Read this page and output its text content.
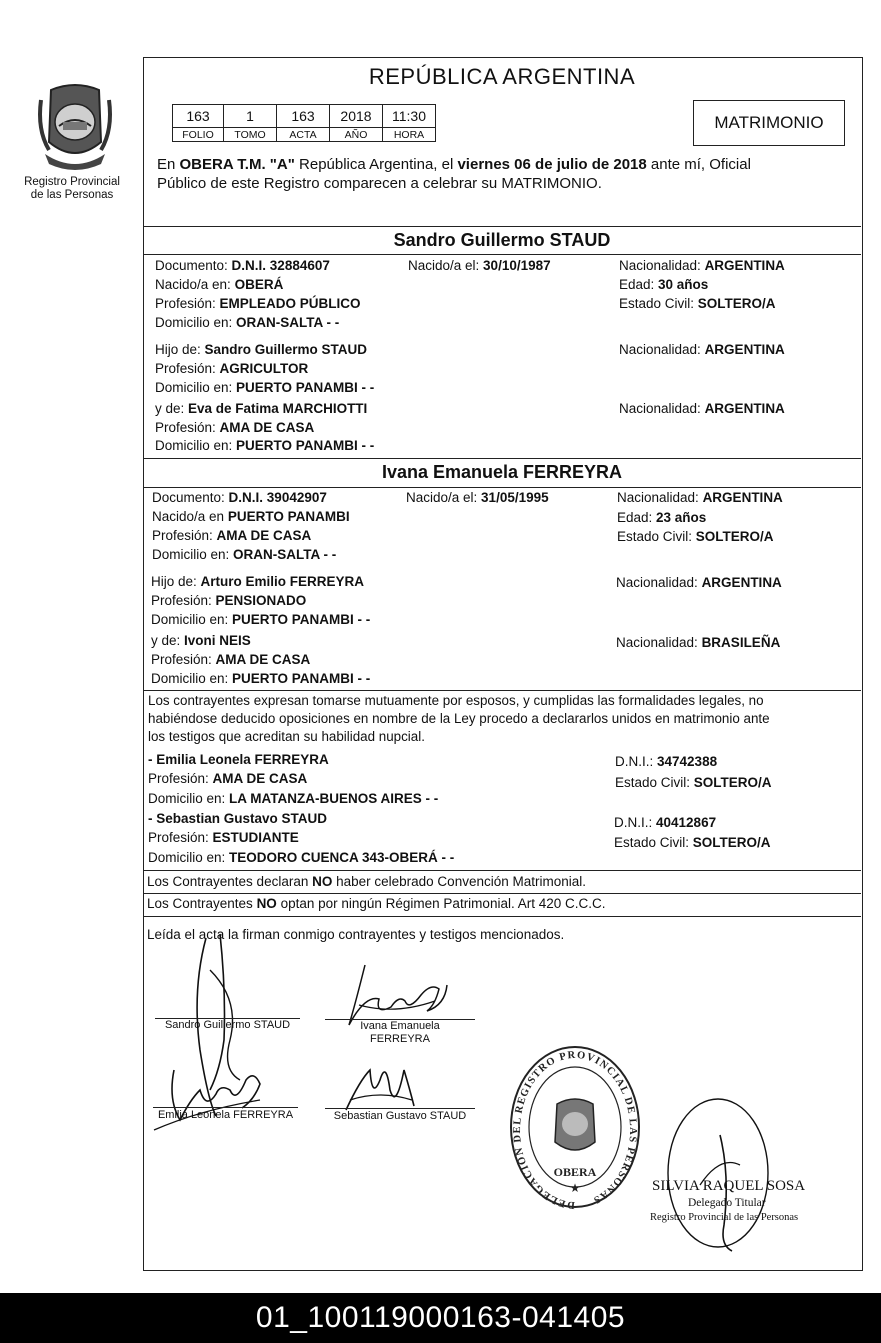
Registro Provincial
de las Personas
REPÚBLICA ARGENTINA
163	1	163	2018	11:30
FOLIO	TOMO	ACTA	AÑO	HORA
MATRIMONIO
En OBERA T.M. "A" República Argentina, el viernes 06 de julio de 2018 ante mí, Oficial
Público de este Registro comparecen a celebrar su MATRIMONIO.
Sandro Guillermo STAUD
Documento: D.N.I. 32884607	Nacido/a el: 30/10/1987	Nacionalidad: ARGENTINA
Nacido/a en: OBERÁ	Edad: 30 años
Profesión: EMPLEADO PÚBLICO	Estado Civil: SOLTERO/A
Domicilio en: ORAN-SALTA - -
Hijo de: Sandro Guillermo STAUD	Nacionalidad: ARGENTINA
Profesión: AGRICULTOR
Domicilio en: PUERTO PANAMBI - -
y de: Eva de Fatima MARCHIOTTI	Nacionalidad: ARGENTINA
Profesión: AMA DE CASA
Domicilio en: PUERTO PANAMBI - -
Ivana Emanuela FERREYRA
Documento: D.N.I. 39042907	Nacido/a el: 31/05/1995	Nacionalidad: ARGENTINA
Nacido/a en PUERTO PANAMBI	Edad: 23 años
Profesión: AMA DE CASA	Estado Civil: SOLTERO/A
Domicilio en: ORAN-SALTA - -
Hijo de: Arturo Emilio FERREYRA	Nacionalidad: ARGENTINA
Profesión: PENSIONADO
Domicilio en: PUERTO PANAMBI - -
y de: Ivoni NEIS	Nacionalidad: BRASILEÑA
Profesión: AMA DE CASA
Domicilio en: PUERTO PANAMBI - -
Los contrayentes expresan tomarse mutuamente por esposos, y cumplidas las formalidades legales, no
habiéndose deducido oposiciones en nombre de la Ley procedo a declararlos unidos en matrimonio ante
los testigos que acreditan su habilidad nupcial.
- Emilia Leonela FERREYRA	D.N.I.: 34742388
Profesión: AMA DE CASA	Estado Civil: SOLTERO/A
Domicilio en: LA MATANZA-BUENOS AIRES - -
- Sebastian Gustavo STAUD	D.N.I.: 40412867
Profesión: ESTUDIANTE	Estado Civil: SOLTERO/A
Domicilio en: TEODORO CUENCA 343-OBERÁ - -
Los Contrayentes declaran NO haber celebrado Convención Matrimonial.
Los Contrayentes NO optan por ningún Régimen Patrimonial. Art 420 C.C.C.
Leída el acta la firman conmigo contrayentes y testigos mencionados.
Sandro Guillermo STAUD	Ivana Emanuela
FERREYRA
Emilia Leonela FERREYRA	Sebastian Gustavo STAUD
DELEGACION DEL REGISTRO PROVINCIAL DE LAS PERSONAS
OBERA
★	SILVIA RAQUEL SOSA
Delegado Titular
Registro Provincial de las Personas
01_100119000163-041405
